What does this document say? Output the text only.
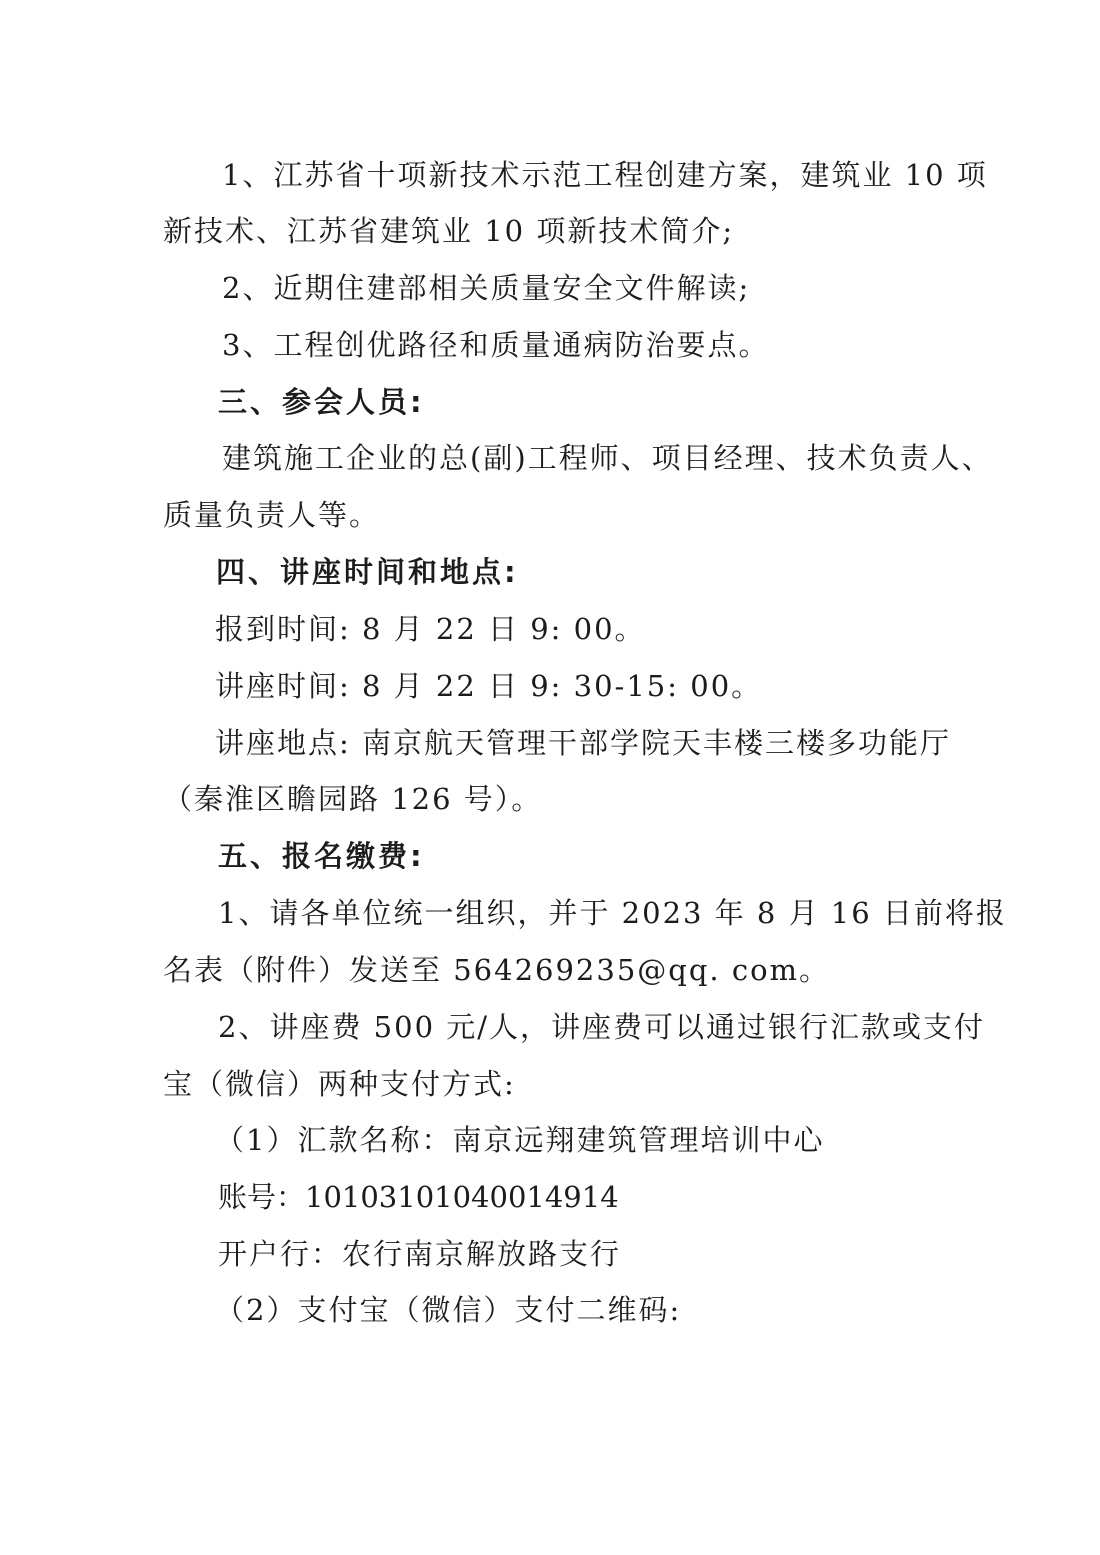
1、江苏省十项新技术示范工程创建方案，建筑业 10 项

新技术、江苏省建筑业 10 项新技术简介;

2、近期住建部相关质量安全文件解读;

3、工程创优路径和质量通病防治要点。

三、参会人员:

建筑施工企业的总(副)工程师、项目经理、技术负责人、

质量负责人等。

四、讲座时间和地点:

报到时间: 8 月 22 日 9: 00。

讲座时间: 8 月 22 日 9: 30-15: 00。

讲座地点: 南京航天管理干部学院天丰楼三楼多功能厅

（秦淮区瞻园路 126 号）。

五、报名缴费:

1、请各单位统一组织，并于 2023 年 8 月 16 日前将报

名表（附件）发送至 564269235@qq. com。

2、讲座费 500 元/人，讲座费可以通过银行汇款或支付

宝（微信）两种支付方式:

（1）汇款名称：南京远翔建筑管理培训中心

账号：10103101040014914

开户行：农行南京解放路支行

（2）支付宝（微信）支付二维码:
